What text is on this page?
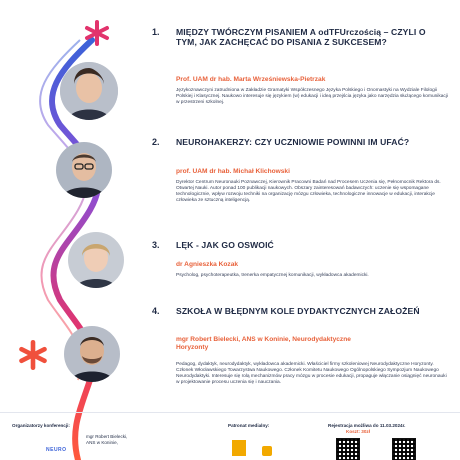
1. MIĘDZY TWÓRCZYM PISANIEM A odTFUrczością – CZYLI O TYM, JAK ZACHĘCAĆ DO PISANIA Z SUKCESEM?
Prof. UAM dr hab. Marta Wrześniewska-Pietrzak
Językoznawczyni zatrudniona w Zakładzie Gramatyki Współczesnego Języka Polskiego i Onomastyki na Wydziale Filologii Polskiej i Klasycznej. Naukowo interesuje się językiem (w) edukacji i ideą przejścia języka jako narzędzia służącego komunikacji w przestrzeni szkolnej.
2. NEUROHAKERZY: CZY UCZNIOWIE POWINNI IM UFAĆ?
prof. UAM dr hab. Michał Klichowski
Dyrektor Centrum Neuronauki Poznawczej, Kierownik Pracowni Badań nad Procesem Uczenia się, Pełnomocnik Rektora ds. Otwartej Nauki. Autor ponad 100 publikacji naukowych. Obszary zainteresowań badawczych: uczenie się wspomagane technologicznie, wpływ rozwoju techniki na organizację mózgu człowieka, technologiczne innowacje w edukacji, interakcje człowieka ze sztuczną inteligencją.
3. LĘK - JAK GO OSWOIĆ
dr Agnieszka Kozak
Psycholog, psychoterapeutka, trenerka empatycznej komunikacji, wykładowca akademicki.
4. SZKOŁA W BŁĘDNYM KOLE DYDAKTYCZNYCH ZAŁOŻEŃ
mgr Robert Bielecki, ANS w Koninie, Neurodydaktyczne Horyzonty
Pedagog, dydaktyk, neurodydaktyk, wykładowca akademicki. Właściciel firmy szkoleniowej Neurodydaktyczne Horyzonty. Członek Włocławskiego Towarzystwa Naukowego. Członek Komitetu Naukowego Ogólnopolskiego Sympozjum Naukowego Neurodydaktyki. Interesuje się rolą mechanizmów pracy mózgu w procesie edukacji, propaguje włączanie osiągnięć neuronauki w projektowanie procesu uczenia się i nauczania.
Organizatorzy konferencji:
mgr Robert Bielecki, ANS w Koninie,
NEURO
Patronat medialny:	Rejestracja możliwa do 11.03.2024r.
Koszt: 30zł
